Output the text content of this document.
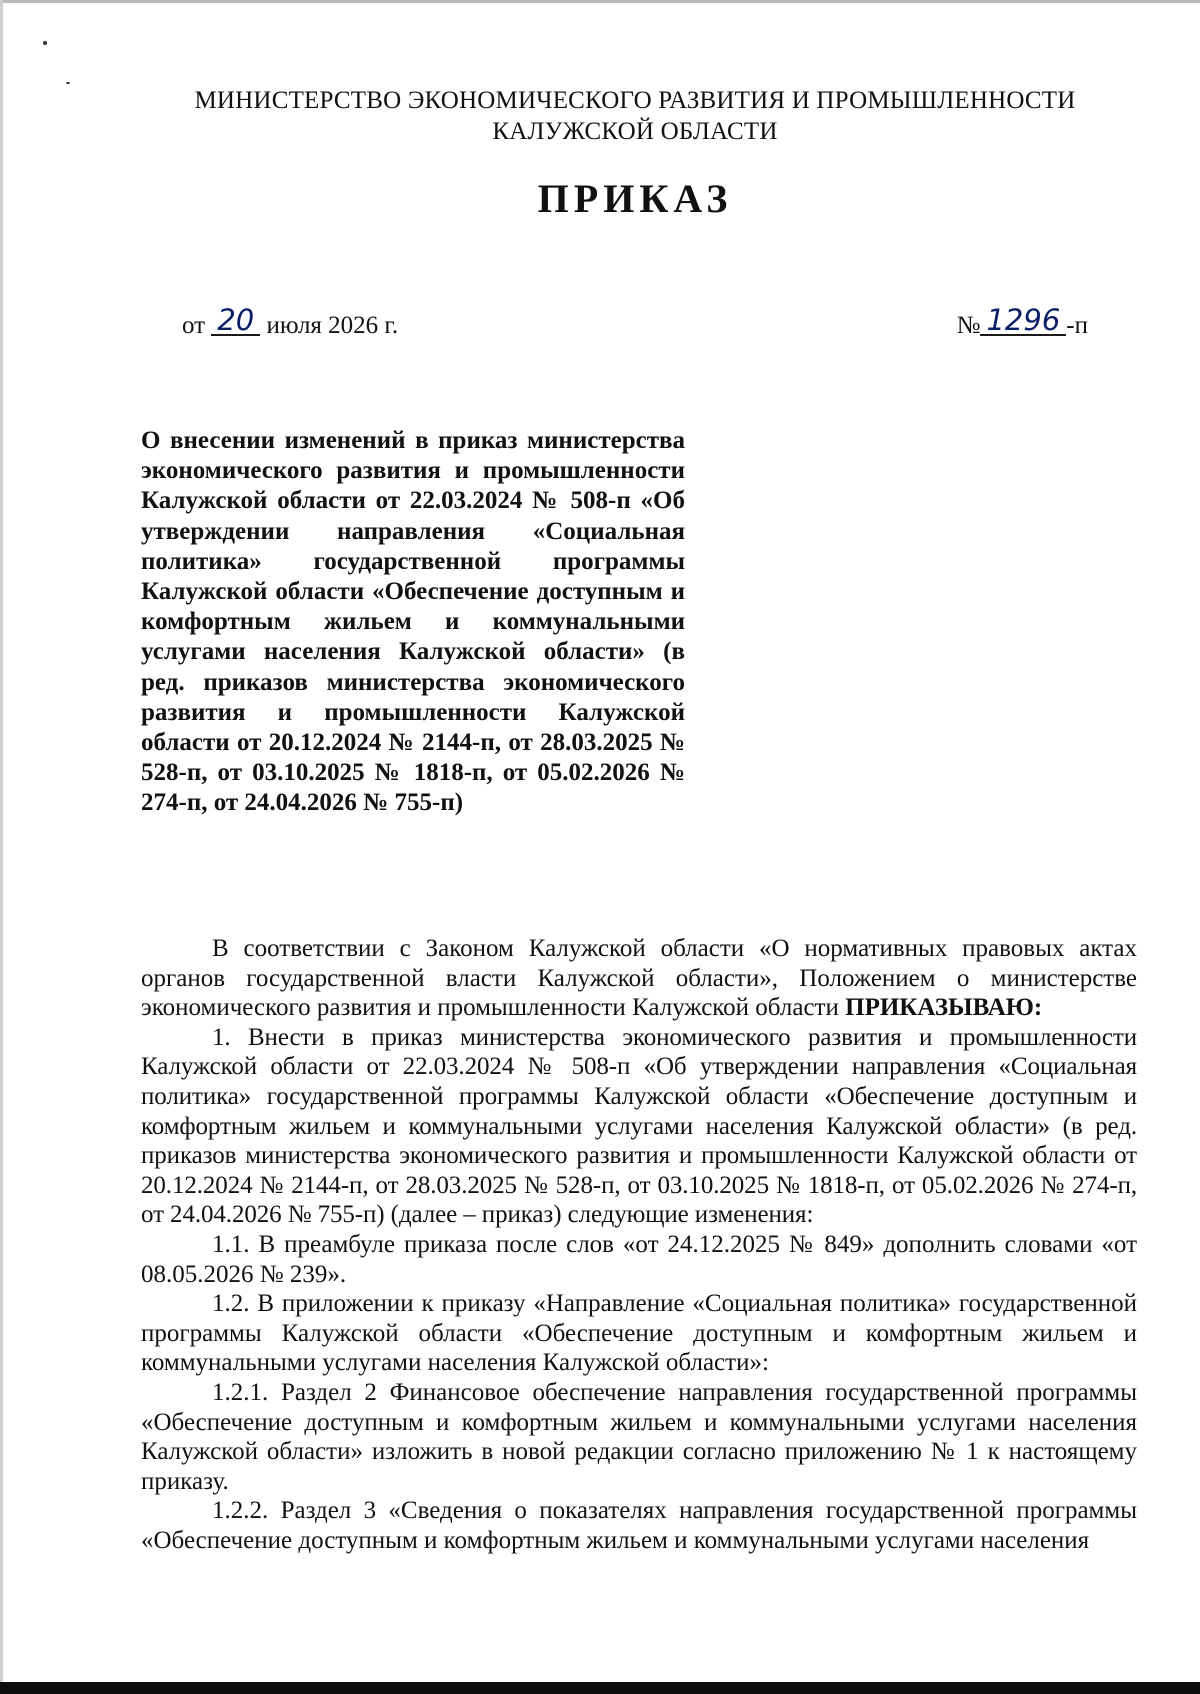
МИНИСТЕРСТВО ЭКОНОМИЧЕСКОГО РАЗВИТИЯ И ПРОМЫШЛЕННОСТИ
КАЛУЖСКОЙ ОБЛАСТИ
ПРИКАЗ
от 20 июля 2026 г.	№ 1296 -п
О внесении изменений в приказ министерства экономического развития и промышленности Калужской области от 22.03.2024 № 508-п «Об утверждении направления «Социальная политика» государственной программы Калужской области «Обеспечение доступным и комфортным жильем и коммунальными услугами населения Калужской области» (в ред. приказов министерства экономического развития и промышленности Калужской области от 20.12.2024 № 2144-п, от 28.03.2025 № 528-п, от 03.10.2025 № 1818-п, от 05.02.2026 № 274-п, от 24.04.2026 № 755-п)

В соответствии с Законом Калужской области «О нормативных правовых актах органов государственной власти Калужской области», Положением о министерстве экономического развития и промышленности Калужской области ПРИКАЗЫВАЮ:

1. Внести в приказ министерства экономического развития и промышленности Калужской области от 22.03.2024 № 508-п «Об утверждении направления «Социальная политика» государственной программы Калужской области «Обеспечение доступным и комфортным жильем и коммунальными услугами населения Калужской области» (в ред. приказов министерства экономического развития и промышленности Калужской области от 20.12.2024 № 2144-п, от 28.03.2025 № 528-п, от 03.10.2025 № 1818-п, от 05.02.2026 № 274-п, от 24.04.2026 № 755-п) (далее – приказ) следующие изменения:

1.1. В преамбуле приказа после слов «от 24.12.2025 № 849» дополнить словами «от 08.05.2026 № 239».

1.2. В приложении к приказу «Направление «Социальная политика» государственной программы Калужской области «Обеспечение доступным и комфортным жильем и коммунальными услугами населения Калужской области»:

1.2.1. Раздел 2 Финансовое обеспечение направления государственной программы «Обеспечение доступным и комфортным жильем и коммунальными услугами населения Калужской области» изложить в новой редакции согласно приложению № 1 к настоящему приказу.

1.2.2. Раздел 3 «Сведения о показателях направления государственной программы «Обеспечение доступным и комфортным жильем и коммунальными услугами населения
